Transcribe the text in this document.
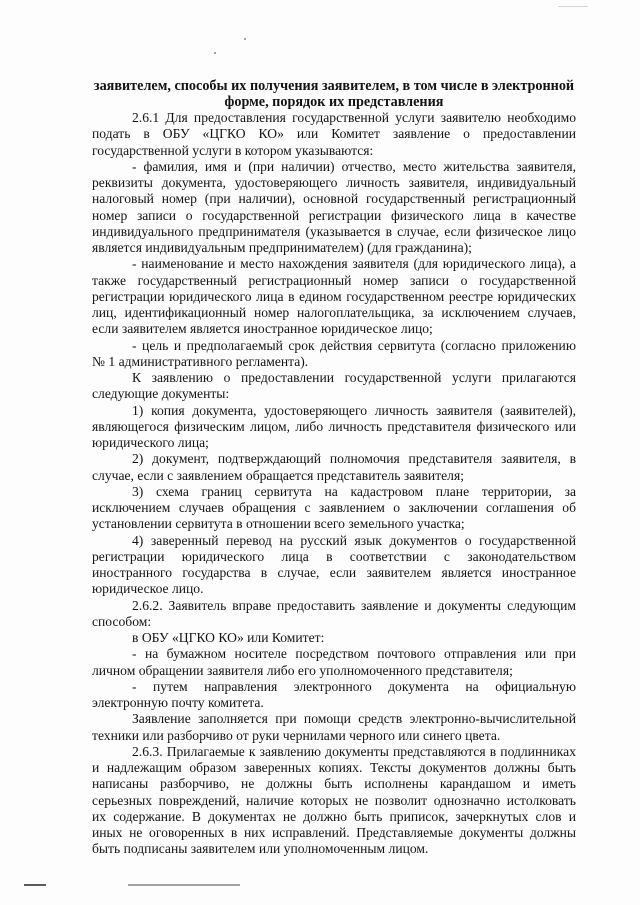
заявителем, способы их получения заявителем, в том числе в электронной
форме, порядок их представления
2.6.1 Для предоставления государственной услуги заявителю необходимо
подать в ОБУ «ЦГКО КО» или Комитет заявление о предоставлении
государственной услуги в котором указываются:
- фамилия, имя и (при наличии) отчество, место жительства заявителя,
реквизиты документа, удостоверяющего личность заявителя, индивидуальный
налоговый номер (при наличии), основной государственный регистрационный
номер записи о государственной регистрации физического лица в качестве
индивидуального предпринимателя (указывается в случае, если физическое лицо
является индивидуальным предпринимателем) (для гражданина);
- наименование и место нахождения заявителя (для юридического лица), а
также государственный регистрационный номер записи о государственной
регистрации юридического лица в едином государственном реестре юридических
лиц, идентификационный номер налогоплательщика, за исключением случаев,
если заявителем является иностранное юридическое лицо;
- цель и предполагаемый срок действия сервитута (согласно приложению
№ 1 административного регламента).
К заявлению о предоставлении государственной услуги прилагаются
следующие документы:
1) копия документа, удостоверяющего личность заявителя (заявителей),
являющегося физическим лицом, либо личность представителя физического или
юридического лица;
2) документ, подтверждающий полномочия представителя заявителя, в
случае, если с заявлением обращается представитель заявителя;
3) схема границ сервитута на кадастровом плане территории, за
исключением случаев обращения с заявлением о заключении соглашения об
установлении сервитута в отношении всего земельного участка;
4) заверенный перевод на русский язык документов о государственной
регистрации юридического лица в соответствии с законодательством
иностранного государства в случае, если заявителем является иностранное
юридическое лицо.
2.6.2. Заявитель вправе предоставить заявление и документы следующим
способом:
в ОБУ «ЦГКО КО» или Комитет:
- на бумажном носителе посредством почтового отправления или при
личном обращении заявителя либо его уполномоченного представителя;
- путем направления электронного документа на официальную
электронную почту комитета.
Заявление заполняется при помощи средств электронно-вычислительной
техники или разборчиво от руки чернилами черного или синего цвета.
2.6.3. Прилагаемые к заявлению документы представляются в подлинниках
и надлежащим образом заверенных копиях. Тексты документов должны быть
написаны разборчиво, не должны быть исполнены карандашом и иметь
серьезных повреждений, наличие которых не позволит однозначно истолковать
их содержание. В документах не должно быть приписок, зачеркнутых слов и
иных не оговоренных в них исправлений. Представляемые документы должны
быть подписаны заявителем или уполномоченным лицом.
